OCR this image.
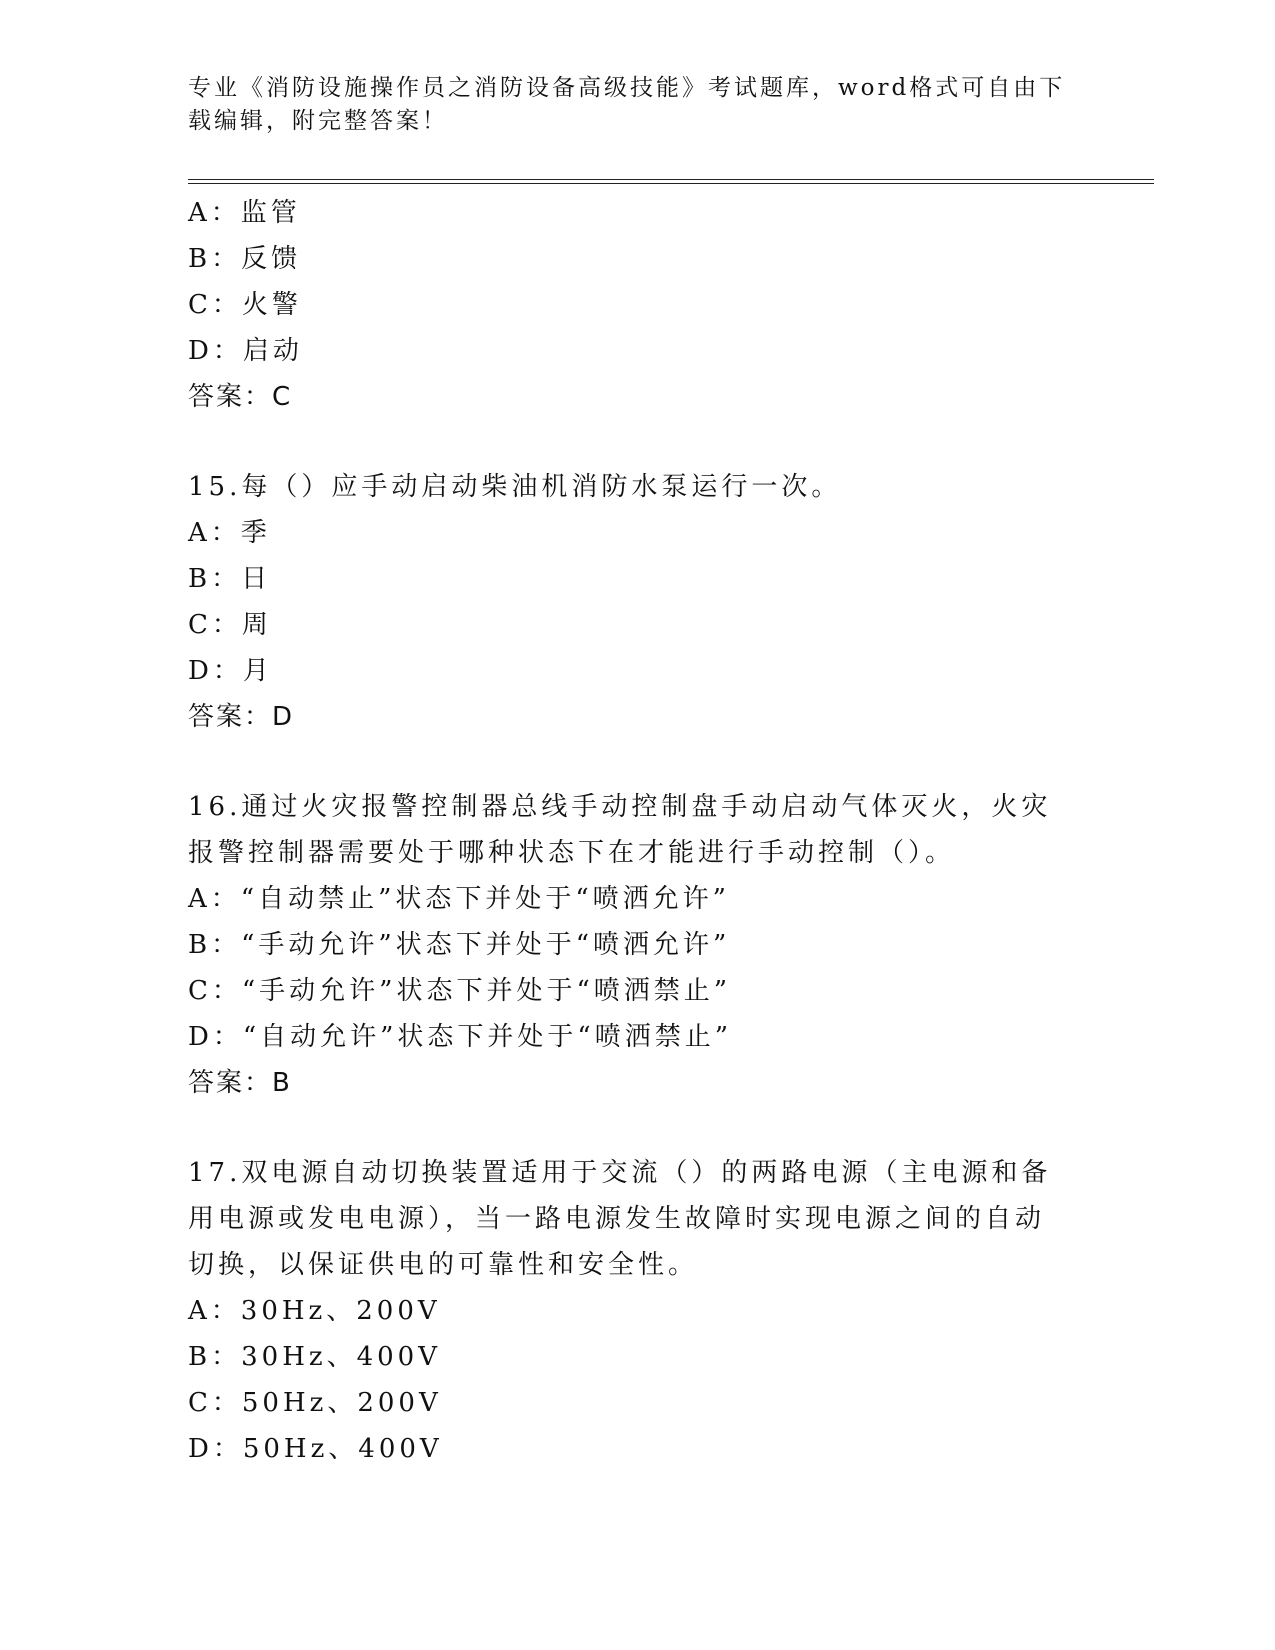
专业《消防设施操作员之消防设备高级技能》考试题库，word格式可自由下载编辑，附完整答案！
A：监管
B：反馈
C：火警
D：启动
答案：C
15.每（）应手动启动柴油机消防水泵运行一次。
A：季
B：日
C：周
D：月
答案：D
16.通过火灾报警控制器总线手动控制盘手动启动气体灭火，火灾报警控制器需要处于哪种状态下在才能进行手动控制（）。
A：“自动禁止”状态下并处于“喷洒允许”
B：“手动允许”状态下并处于“喷洒允许”
C：“手动允许”状态下并处于“喷洒禁止”
D：“自动允许”状态下并处于“喷洒禁止”
答案：B
17.双电源自动切换装置适用于交流（）的两路电源（主电源和备用电源或发电电源），当一路电源发生故障时实现电源之间的自动切换，以保证供电的可靠性和安全性。
A：30Hz、200V
B：30Hz、400V
C：50Hz、200V
D：50Hz、400V
